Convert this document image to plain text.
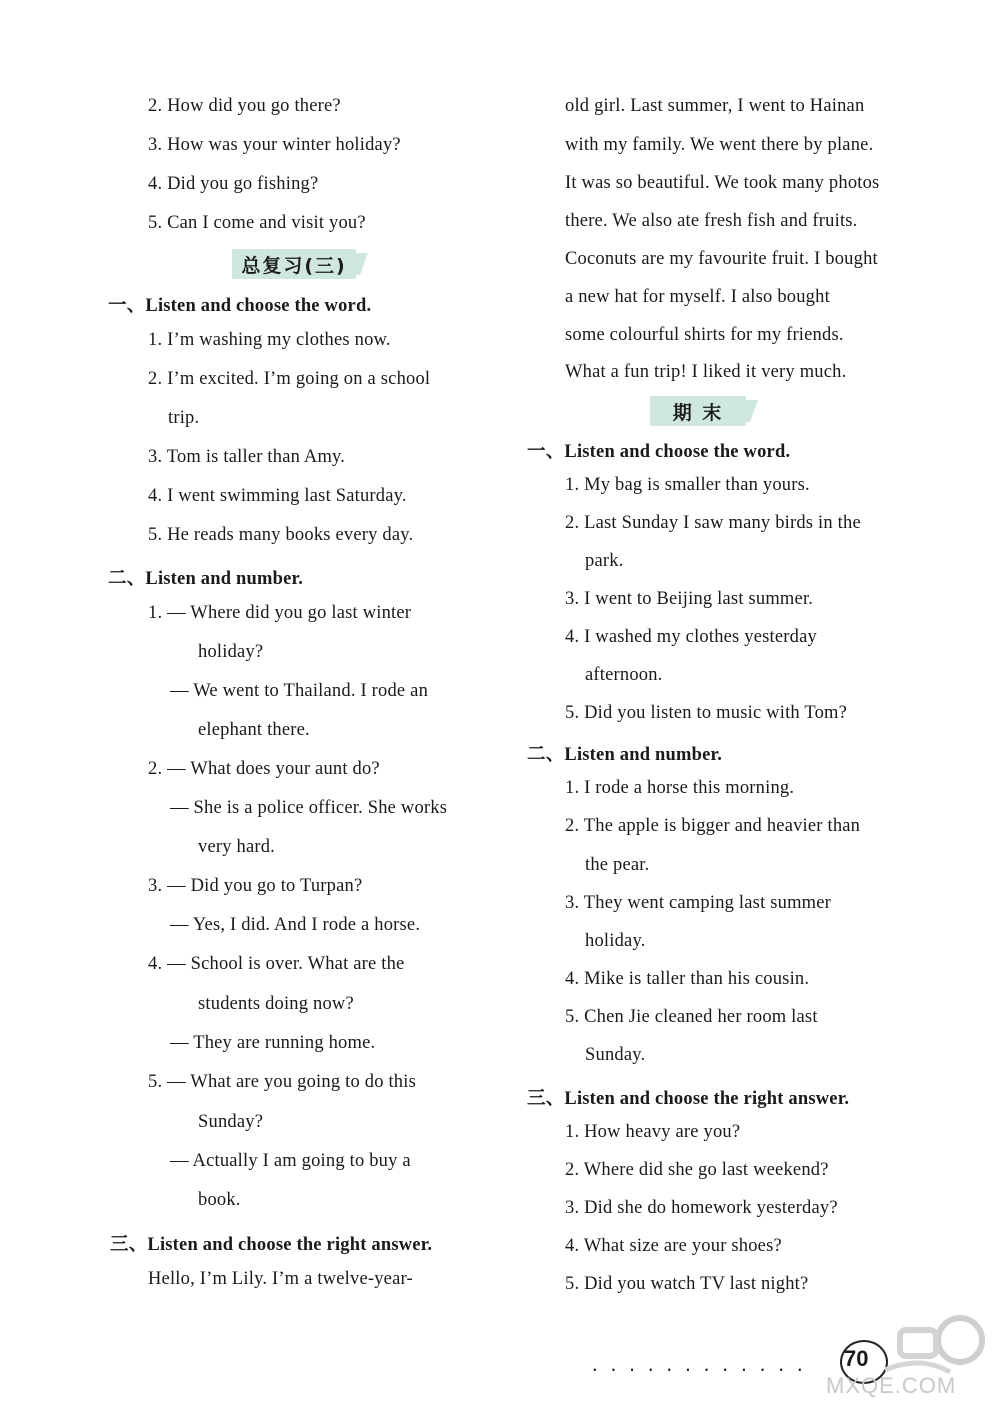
2. How did you go there?
3. How was your winter holiday?
4. Did you go fishing?
5. Can I come and visit you?
总复习(三)
一、Listen and choose the word.
1. I’m washing my clothes now.
2. I’m excited. I’m going on a school
trip.
3. Tom is taller than Amy.
4. I went swimming last Saturday.
5. He reads many books every day.
二、Listen and number.
1. — Where did you go last winter
holiday?
— We went to Thailand. I rode an
elephant there.
2. — What does your aunt do?
— She is a police officer. She works
very hard.
3. — Did you go to Turpan?
— Yes, I did. And I rode a horse.
4. — School is over. What are the
students doing now?
— They are running home.
5. — What are you going to do this
Sunday?
— Actually I am going to buy a
book.
三、Listen and choose the right answer.
Hello, I’m Lily. I’m a twelve-year-
old girl. Last summer, I went to Hainan
with my family. We went there by plane.
It was so beautiful. We took many photos
there. We also ate fresh fish and fruits.
Coconuts are my favourite fruit. I bought
a new hat for myself. I also bought
some colourful shirts for my friends.
What a fun trip! I liked it very much.
期 末
一、Listen and choose the word.
1. My bag is smaller than yours.
2. Last Sunday I saw many birds in the
park.
3. I went to Beijing last summer.
4. I washed my clothes yesterday
afternoon.
5. Did you listen to music with Tom?
二、Listen and number.
1. I rode a horse this morning.
2. The apple is bigger and heavier than
the pear.
3. They went camping last summer
holiday.
4. Mike is taller than his cousin.
5. Chen Jie cleaned her room last
Sunday.
三、Listen and choose the right answer.
1. How heavy are you?
2. Where did she go last weekend?
3. Did she do homework yesterday?
4. What size are your shoes?
5. Did you watch TV last night?
............ 70
MXQE.COM
